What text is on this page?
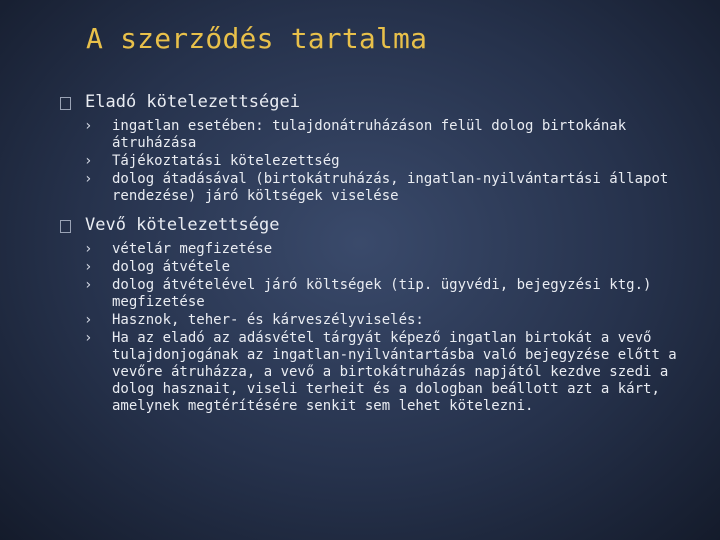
A szerződés tartalma
Eladó kötelezettségei
›	ingatlan esetében: tulajdonátruházáson felül dolog birtokának átruházása
›	Tájékoztatási kötelezettség
›	dolog átadásával (birtokátruházás, ingatlan-nyilvántartási állapot rendezése) járó költségek viselése
Vevő kötelezettsége
›	vételár megfizetése
›	dolog átvétele
›	dolog átvételével járó költségek (tip. ügyvédi, bejegyzési ktg.) megfizetése
›	Hasznok, teher- és kárveszélyviselés:
›	Ha az eladó az adásvétel tárgyát képező ingatlan birtokát a vevő tulajdonjogának az ingatlan-nyilvántartásba való bejegyzése előtt a vevőre átruházza, a vevő a birtokátruházás napjától kezdve szedi a dolog hasznait, viseli terheit és a dologban beállott azt a kárt, amelynek megtérítésére senkit sem lehet kötelezni.
